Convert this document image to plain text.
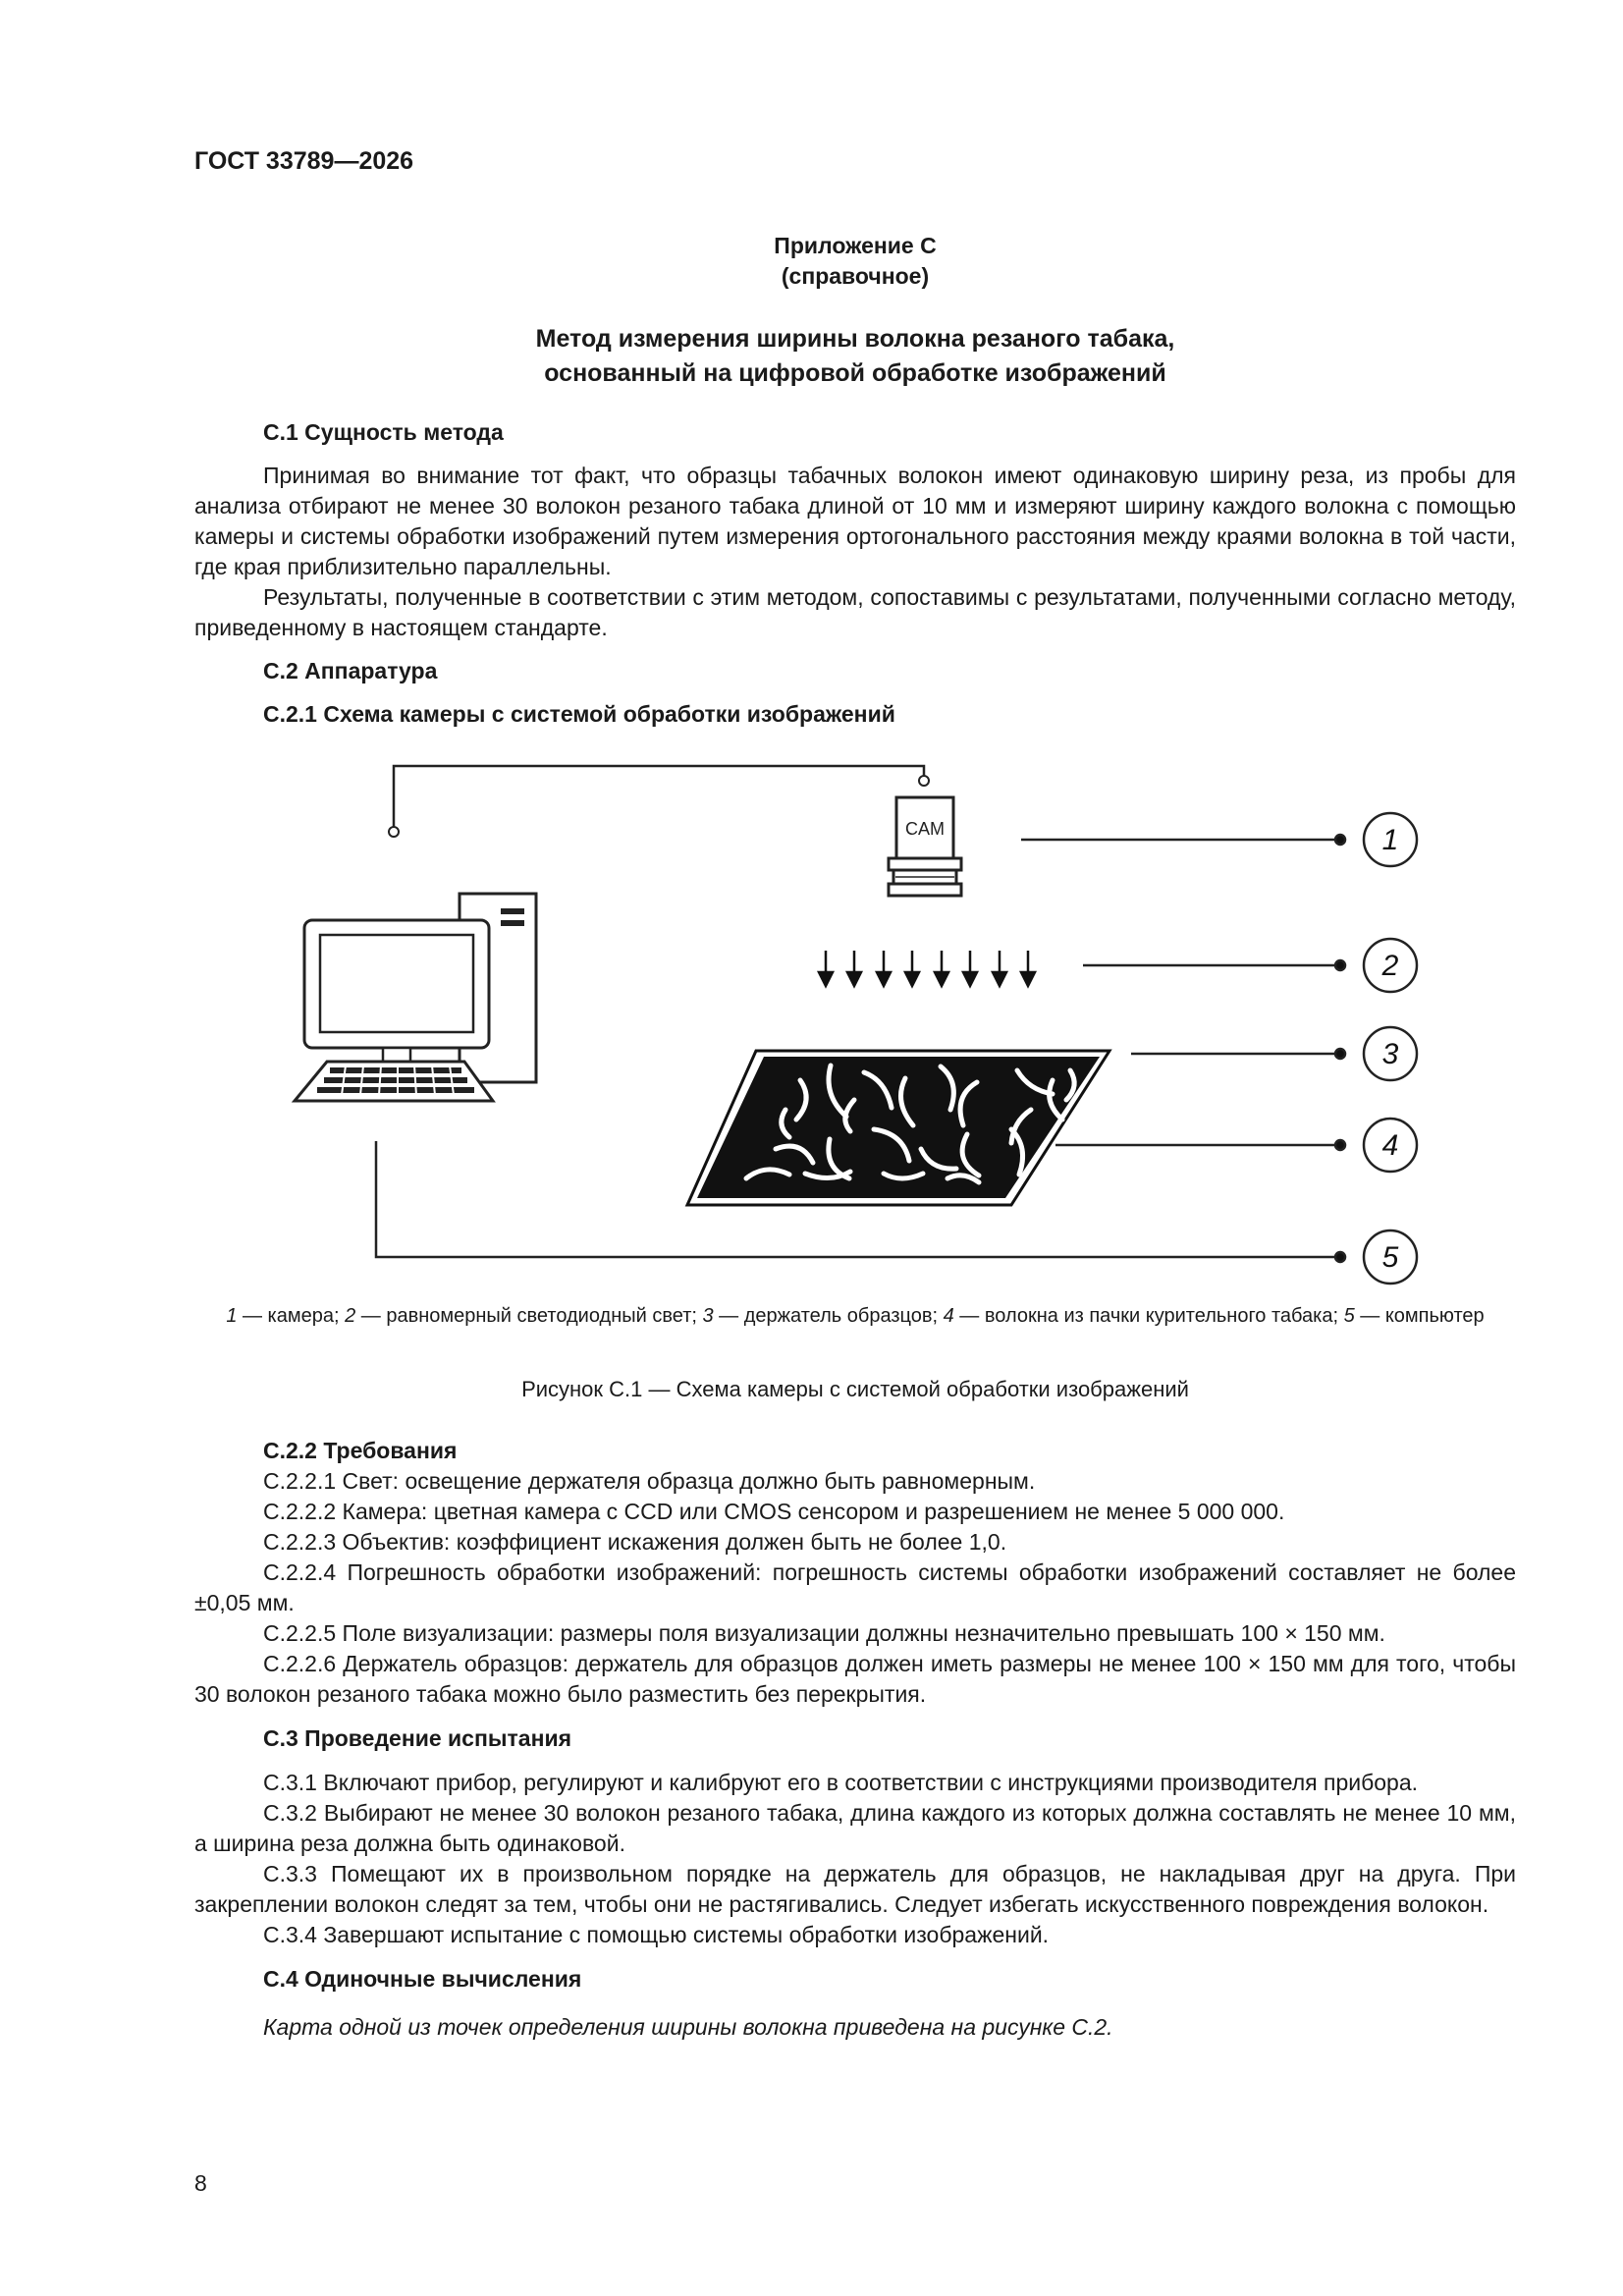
ГОСТ 33789—2026
Приложение С
(справочное)
Метод измерения ширины волокна резаного табака,
основанный на цифровой обработке изображений

С.1 Сущность метода

Принимая во внимание тот факт, что образцы табачных волокон имеют одинаковую ширину реза, из пробы для анализа отбирают не менее 30 волокон резаного табака длиной от 10 мм и измеряют ширину каждого волокна с помощью камеры и системы обработки изображений путем измерения ортогонального расстояния между краями волокна в той части, где края приблизительно параллельны.

Результаты, полученные в соответствии с этим методом, сопоставимы с результатами, полученными согласно методу, приведенному в настоящем стандарте.

С.2 Аппаратура

С.2.1 Схема камеры с системой обработки изображений

CAM	1
2
3
4
5
1 — камера; 2 — равномерный светодиодный свет; 3 — держатель образцов; 4 — волокна из пачки курительного табака; 5 — компьютер
Рисунок С.1 — Схема камеры с системой обработки изображений

С.2.2 Требования

С.2.2.1 Свет: освещение держателя образца должно быть равномерным.

С.2.2.2 Камера: цветная камера с CCD или CMOS сенсором и разрешением не менее 5 000 000.

С.2.2.3 Объектив: коэффициент искажения должен быть не более 1,0.

С.2.2.4 Погрешность обработки изображений: погрешность системы обработки изображений составляет не более ±0,05 мм.

С.2.2.5 Поле визуализации: размеры поля визуализации должны незначительно превышать 100 × 150 мм.

С.2.2.6 Держатель образцов: держатель для образцов должен иметь размеры не менее 100 × 150 мм для того, чтобы 30 волокон резаного табака можно было разместить без перекрытия.

С.3 Проведение испытания

С.3.1 Включают прибор, регулируют и калибруют его в соответствии с инструкциями производителя прибора.

С.3.2 Выбирают не менее 30 волокон резаного табака, длина каждого из которых должна составлять не менее 10 мм, а ширина реза должна быть одинаковой.

С.3.3 Помещают их в произвольном порядке на держатель для образцов, не накладывая друг на друга. При закреплении волокон следят за тем, чтобы они не растягивались. Следует избегать искусственного повреждения волокон.

С.3.4 Завершают испытание с помощью системы обработки изображений.

С.4 Одиночные вычисления

Карта одной из точек определения ширины волокна приведена на рисунке С.2.

8
